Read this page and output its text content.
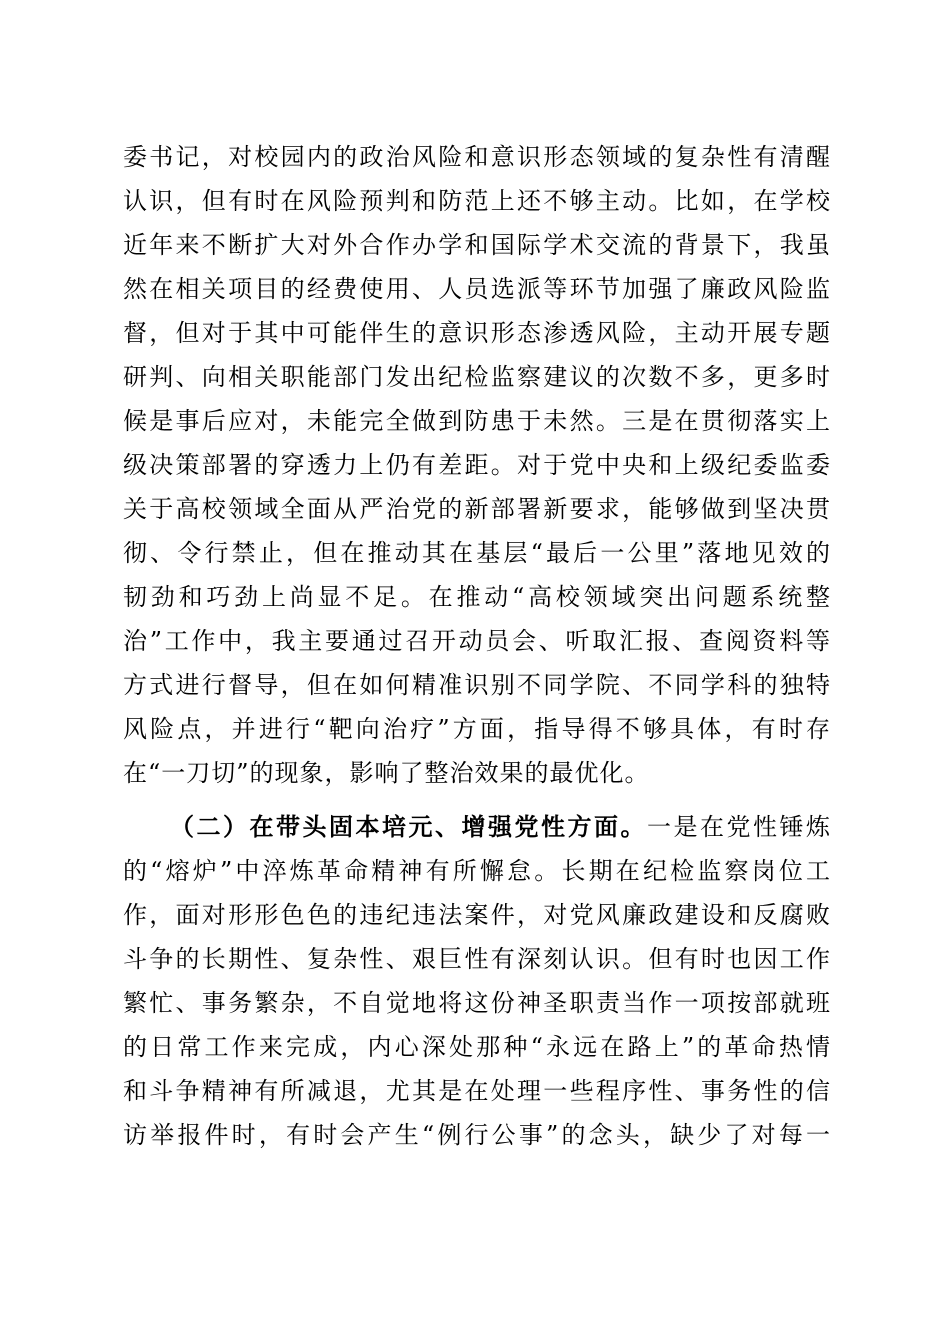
委书记，对校园内的政治风险和意识形态领域的复杂性有清醒
认识，但有时在风险预判和防范上还不够主动。比如，在学校
近年来不断扩大对外合作办学和国际学术交流的背景下，我虽
然在相关项目的经费使用、人员选派等环节加强了廉政风险监
督，但对于其中可能伴生的意识形态渗透风险，主动开展专题
研判、向相关职能部门发出纪检监察建议的次数不多，更多时
候是事后应对，未能完全做到防患于未然。三是在贯彻落实上
级决策部署的穿透力上仍有差距。对于党中央和上级纪委监委
关于高校领域全面从严治党的新部署新要求，能够做到坚决贯
彻、令行禁止，但在推动其在基层“最后一公里”落地见效的
韧劲和巧劲上尚显不足。在推动“高校领域突出问题系统整
治”工作中，我主要通过召开动员会、听取汇报、查阅资料等
方式进行督导，但在如何精准识别不同学院、不同学科的独特
风险点，并进行“靶向治疗”方面，指导得不够具体，有时存
在“一刀切”的现象，影响了整治效果的最优化。
（二）在带头固本培元、增强党性方面。一是在党性锤炼
的“熔炉”中淬炼革命精神有所懈怠。长期在纪检监察岗位工
作，面对形形色色的违纪违法案件，对党风廉政建设和反腐败
斗争的长期性、复杂性、艰巨性有深刻认识。但有时也因工作
繁忙、事务繁杂，不自觉地将这份神圣职责当作一项按部就班
的日常工作来完成，内心深处那种“永远在路上”的革命热情
和斗争精神有所减退，尤其是在处理一些程序性、事务性的信
访举报件时，有时会产生“例行公事”的念头，缺少了对每一
